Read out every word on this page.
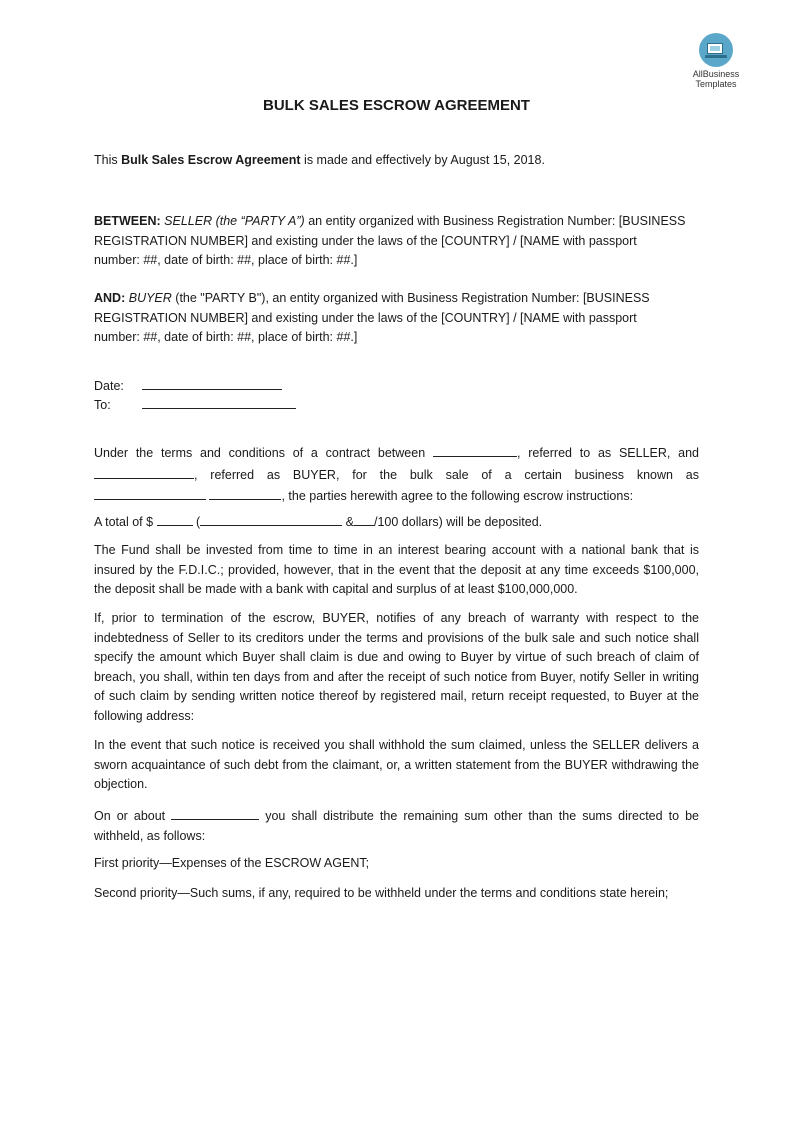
AllBusiness
Templates
BULK SALES ESCROW AGREEMENT

This Bulk Sales Escrow Agreement is made and effectively by August 15, 2018.

BETWEEN: SELLER (the “PARTY A”) an entity organized with Business Registration Number: [BUSINESS
REGISTRATION NUMBER] and existing under the laws of the [COUNTRY] / [NAME with passport
number: ##, date of birth: ##, place of birth: ##.]

AND: BUYER (the "PARTY B"), an entity organized with Business Registration Number: [BUSINESS
REGISTRATION NUMBER] and existing under the laws of the [COUNTRY] / [NAME with passport
number: ##, date of birth: ##, place of birth: ##.]

Date:
To:

Under the terms and conditions of a contract between	, referred to as SELLER, and
, referred as BUYER, for the bulk sale of a certain business known as
, the parties herewith agree to the following escrow instructions:

A total of $	(	& /100 dollars) will be deposited.

The Fund shall be invested from time to time in an interest bearing account with a national bank that is insured by the F.D.I.C.; provided, however, that in the event that the deposit at any time exceeds $100,000, the deposit shall be made with a bank with capital and surplus of at least $100,000,000.

If, prior to termination of the escrow, BUYER, notifies of any breach of warranty with respect to the indebtedness of Seller to its creditors under the terms and provisions of the bulk sale and such notice shall specify the amount which Buyer shall claim is due and owing to Buyer by virtue of such breach of claim of breach, you shall, within ten days from and after the receipt of such notice from Buyer, notify Seller in writing of such claim by sending written notice thereof by registered mail, return receipt requested, to Buyer at the following address:

In the event that such notice is received you shall withhold the sum claimed, unless the SELLER delivers a sworn acquaintance of such debt from the claimant, or, a written statement from the BUYER withdrawing the objection.

On or about	you shall distribute the remaining sum other than the sums directed to be withheld, as follows:

First priority—Expenses of the ESCROW AGENT;

Second priority—Such sums, if any, required to be withheld under the terms and conditions state herein;
